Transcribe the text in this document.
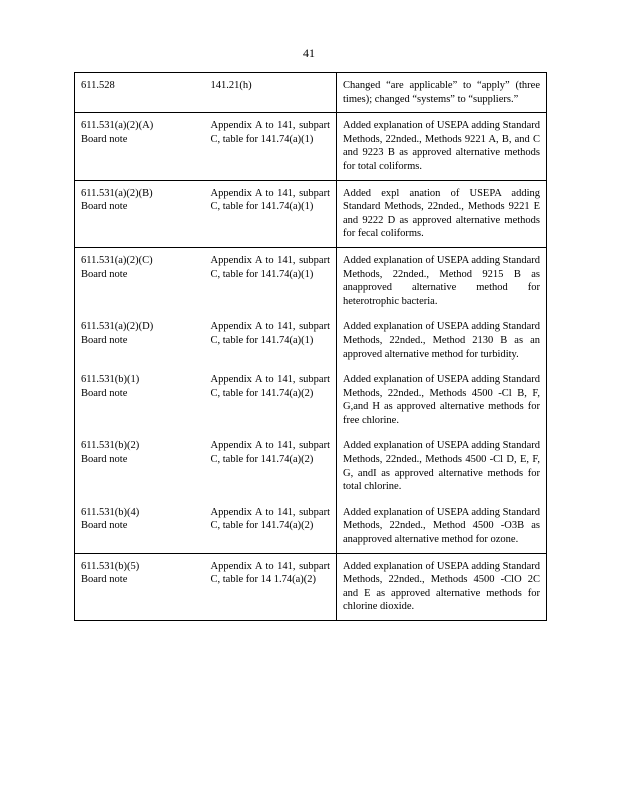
41
611.528	141.21(h)	Changed “are applicable” to “apply” (three times); changed “systems” to “suppliers.”

611.531(a)(2)(A)
Board note	Appendix A to 141, subpart C, table for 141.74(a)(1)	Added explanation of USEPA adding Standard Methods, 22nded., Methods 9221 A, B, and C and 9223 B as approved alternative methods for total coliforms.

611.531(a)(2)(B)
Board note	Appendix A to 141, subpart C, table for 141.74(a)(1)	Added expl anation of USEPA adding Standard Methods, 22nded., Methods 9221 E and 9222 D as approved alternative methods for fecal coliforms.

611.531(a)(2)(C)
Board note	Appendix A to 141, subpart C, table for 141.74(a)(1)	Added explanation of USEPA adding Standard Methods, 22nded., Method 9215 B as anapproved alternative method for heterotrophic bacteria.

611.531(a)(2)(D)
Board note	Appendix A to 141, subpart C, table for 141.74(a)(1)	Added explanation of USEPA adding Standard Methods, 22nded., Method 2130 B as an approved alternative method for turbidity.

611.531(b)(1)
Board note	Appendix A to 141, subpart C, table for 141.74(a)(2)	Added explanation of USEPA adding Standard Methods, 22nded., Methods 4500 -Cl B, F, G,and H as approved alternative methods for free chlorine.

611.531(b)(2)
Board note	Appendix A to 141, subpart C, table for 141.74(a)(2)	Added explanation of USEPA adding Standard Methods, 22nded., Methods 4500 -Cl D, E, F, G, andI as approved alternative methods for total chlorine.

611.531(b)(4)
Board note	Appendix A to 141, subpart C, table for 141.74(a)(2)	Added explanation of USEPA adding Standard Methods, 22nded., Method 4500 -O3B as anapproved alternative method for ozone.

611.531(b)(5)
Board note	Appendix A to 141, subpart C, table for 14 1.74(a)(2)	Added explanation of USEPA adding Standard Methods, 22nded., Methods 4500 -ClO 2C and E as approved alternative methods for chlorine dioxide.
